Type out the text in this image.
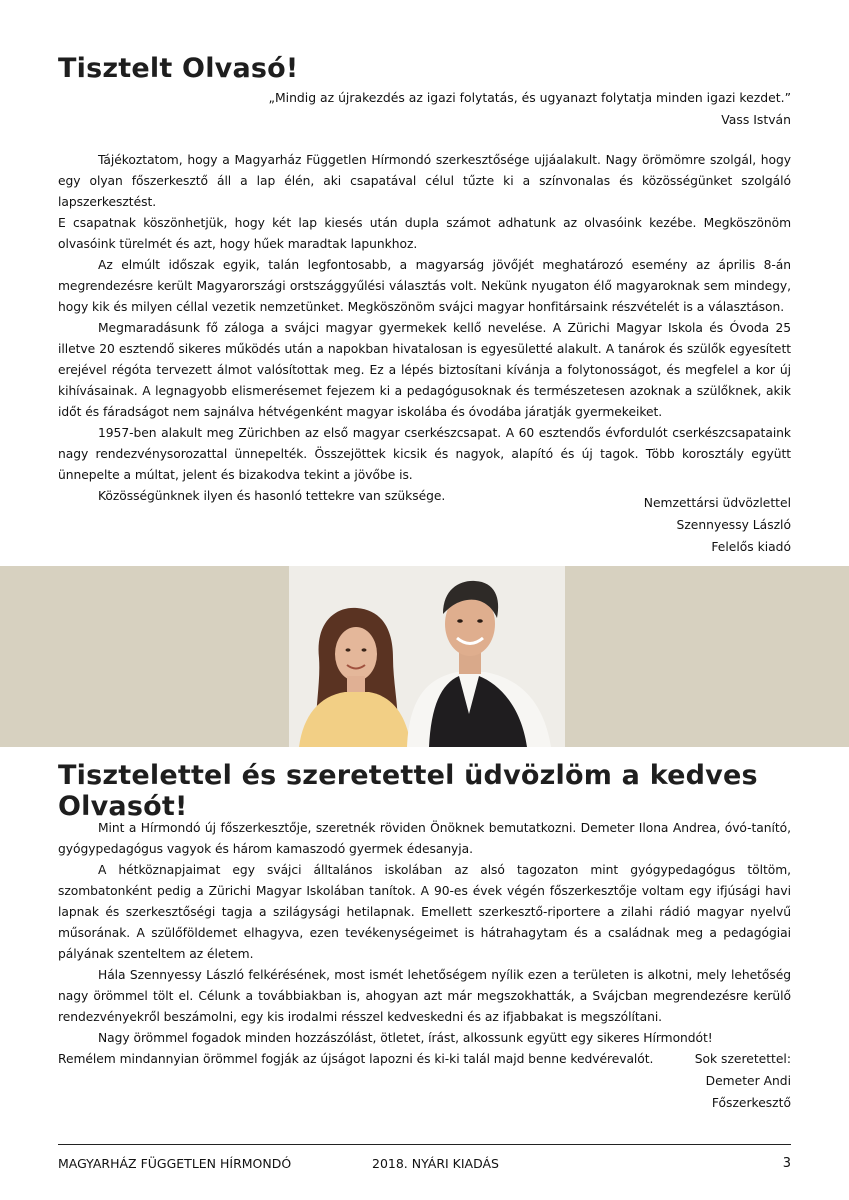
Tisztelt Olvasó!
„Mindig az újrakezdés az igazi folytatás, és ugyanazt folytatja minden igazi kezdet.”
Vass István

Tájékoztatom, hogy a Magyarház Független Hírmondó szerkesztősége ujjáalakult. Nagy örömömre szolgál, hogy egy olyan főszerkesztő áll a lap élén, aki csapatával célul tűzte ki a színvonalas és közösségünket szolgáló lapszerkesztést.

E csapatnak köszönhetjük, hogy két lap kiesés után dupla számot adhatunk az olvasóink kezébe. Megköszönöm olvasóink türelmét és azt, hogy hűek maradtak lapunkhoz.

Az elmúlt időszak egyik, talán legfontosabb, a magyarság jövőjét meghatározó esemény az április 8-án megrendezésre került Magyarországi orstszággyűlési választás volt. Nekünk nyugaton élő magyaroknak sem mindegy, hogy kik és milyen céllal vezetik nemzetünket. Megköszönöm svájci magyar honfitársaink részvételét is a választáson.

Megmaradásunk fő záloga a svájci magyar gyermekek kellő nevelése. A Zürichi Magyar Iskola és Óvoda 25 illetve 20 esztendő sikeres működés után a napokban hivatalosan is egyesületté alakult. A tanárok és szülők egyesített erejével régóta tervezett álmot valósítottak meg. Ez a lépés biztosítani kívánja a folytonosságot, és megfelel a kor új kihívásainak. A legnagyobb elismerésemet fejezem ki a pedagógusoknak és természetesen azoknak a szülőknek, akik időt és fáradságot nem sajnálva hétvégenként magyar iskolába és óvodába járatják gyermekeiket.

1957-ben alakult meg Zürichben az első magyar cserkészcsapat. A 60 esztendős évfordulót cserkészcsapataink nagy rendezvénysorozattal ünnepelték. Összejöttek kicsik és nagyok, alapító és új tagok. Több korosztály együtt ünnepelte a múltat, jelent és bizakodva tekint a jövőbe is.

Közösségünknek ilyen és hasonló tettekre van szüksége.	Nemzettársi üdvözlettel
Szennyessy László
Felelős kiadó
Tisztelettel és szeretettel üdvözlöm a kedves Olvasót!

Mint a Hírmondó új főszerkesztője, szeretnék röviden Önöknek bemutatkozni. Demeter Ilona Andrea, óvó-tanító, gyógypedagógus vagyok és három kamaszodó gyermek édesanyja.

A hétköznapjaimat egy svájci álltalános iskolában az alsó tagozaton mint gyógypedagógus töltöm, szombatonként pedig a Zürichi Magyar Iskolában tanítok. A 90-es évek végén főszerkesztője voltam egy ifjúsági havi lapnak és szerkesztőségi tagja a szilágysági hetilapnak. Emellett szerkesztő-riportere a zilahi rádió magyar nyelvű műsorának. A szülőföldemet elhagyva, ezen tevékenységeimet is hátrahagytam és a családnak meg a pedagógiai pályának szenteltem az életem.

Hála Szennyessy László felkérésének, most ismét lehetőségem nyílik ezen a területen is alkotni, mely lehetőség nagy örömmel tölt el. Célunk a továbbiakban is, ahogyan azt már megszokhatták, a Svájcban megrendezésre kerülő rendezvényekről beszámolni, egy kis irodalmi résszel kedveskedni és az ifjabbakat is megszólítani.

Nagy örömmel fogadok minden hozzászólást, ötletet, írást, alkossunk együtt egy sikeres Hírmondót!

Remélem mindannyian örömmel fogják az újságot lapozni és ki-ki talál majd benne kedvérevalót.	Sok szeretettel:
Demeter Andi
Főszerkesztő
MAGYARHÁZ FÜGGETLEN HÍRMONDÓ	2018. NYÁRI KIADÁS	3
